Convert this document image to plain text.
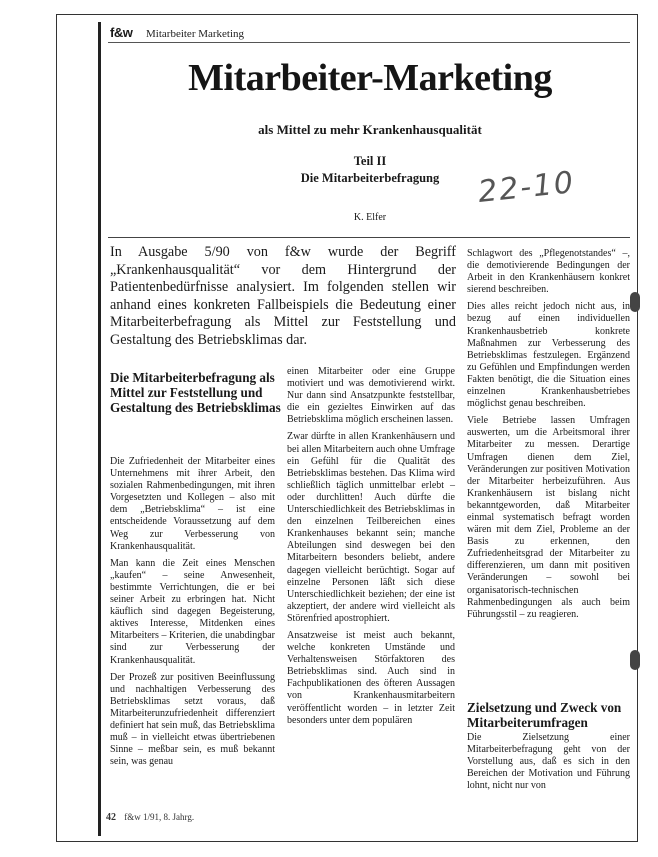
f&w Mitarbeiter Marketing
Mitarbeiter-Marketing
als Mittel zu mehr Krankenhausqualität
Teil II
Die Mitarbeiterbefragung
K. Elfer
22-10

In Ausgabe 5/90 von f&w wurde der Begriff „Krankenhausqualität“ vor dem Hintergrund der Patientenbedürfnisse analysiert. Im folgenden stellen wir anhand eines konkreten Fallbeispiels die Bedeutung einer Mitarbeiterbefragung als Mittel zur Feststellung und Gestaltung des Betriebsklimas dar.

Die Mitarbeiterbefragung als Mittel zur Feststellung und Gestaltung des Betriebsklimas

Die Zufriedenheit der Mitarbeiter eines Unternehmens mit ihrer Arbeit, den sozialen Rahmenbedingungen, mit ihren Vorgesetzten und Kollegen – also mit dem „Betriebsklima“ – ist eine entscheidende Voraussetzung auf dem Weg zur Verbesserung von Krankenhausqualität.

Man kann die Zeit eines Menschen „kaufen“ – seine Anwesenheit, bestimmte Verrichtungen, die er bei seiner Arbeit zu erbringen hat. Nicht käuflich sind dagegen Begeisterung, aktives Interesse, Mitdenken eines Mitarbeiters – Kriterien, die unabdingbar sind zur Verbesserung der Krankenhausqualität.

Der Prozeß zur positiven Beeinflussung und nachhaltigen Verbesserung des Betriebsklimas setzt voraus, daß Mitarbeiterunzufriedenheit differenziert definiert hat sein muß, das Betriebsklima muß – in vielleicht etwas übertriebenen Sinne – meßbar sein, es muß bekannt sein, was genau

einen Mitarbeiter oder eine Gruppe motiviert und was demotivierend wirkt. Nur dann sind Ansatzpunkte feststellbar, die ein gezieltes Einwirken auf das Betriebsklima möglich erscheinen lassen.

Zwar dürfte in allen Krankenhäusern und bei allen Mitarbeitern auch ohne Umfrage ein Gefühl für die Qualität des Betriebsklimas bestehen. Das Klima wird schließlich täglich unmittelbar erlebt – oder durchlitten! Auch dürfte die Unterschiedlichkeit des Betriebsklimas in den einzelnen Teilbereichen eines Krankenhauses bekannt sein; manche Abteilungen sind deswegen bei den Mitarbeitern besonders beliebt, andere dagegen vielleicht berüchtigt. Sogar auf einzelne Personen läßt sich diese Unterschiedlichkeit beziehen; der eine ist akzeptiert, der andere wird vielleicht als Störenfried apostrophiert.

Ansatzweise ist meist auch bekannt, welche konkreten Umstände und Verhaltensweisen Störfaktoren des Betriebsklimas sind. Auch sind in Fachpublikationen des öfteren Aussagen von Krankenhausmitarbeitern veröffentlicht worden – in letzter Zeit besonders unter dem populären

Schlagwort des „Pflegenotstandes“ –, die demotivierende Bedingungen der Arbeit in den Krankenhäusern konkret sierend beschreiben.

Dies alles reicht jedoch nicht aus, in bezug auf einen individuellen Krankenhausbetrieb konkrete Maßnahmen zur Verbesserung des Betriebsklimas festzulegen. Ergänzend zu Gefühlen und Empfindungen werden Fakten benötigt, die die Situation eines einzelnen Krankenhausbetriebes möglichst genau beschreiben.

Viele Betriebe lassen Umfragen auswerten, um die Arbeitsmoral ihrer Mitarbeiter zu messen. Derartige Umfragen dienen dem Ziel, Veränderungen zur positiven Motivation der Mitarbeiter herbeizuführen. Aus Krankenhäusern ist bislang nicht bekanntgeworden, daß Mitarbeiter einmal systematisch befragt worden wären mit dem Ziel, Probleme an der Basis zu erkennen, den Zufriedenheitsgrad der Mitarbeiter zu differenzieren, um dann mit positiven Veränderungen – sowohl bei organisatorisch-technischen Rahmenbedingungen als auch beim Führungsstil – zu reagieren.

Zielsetzung und Zweck von Mitarbeiterumfragen

Die Zielsetzung einer Mitarbeiterbefragung geht von der Vorstellung aus, daß es sich in den Bereichen der Motivation und Führung lohnt, nicht nur von

42 f&w 1/91, 8. Jahrg.
